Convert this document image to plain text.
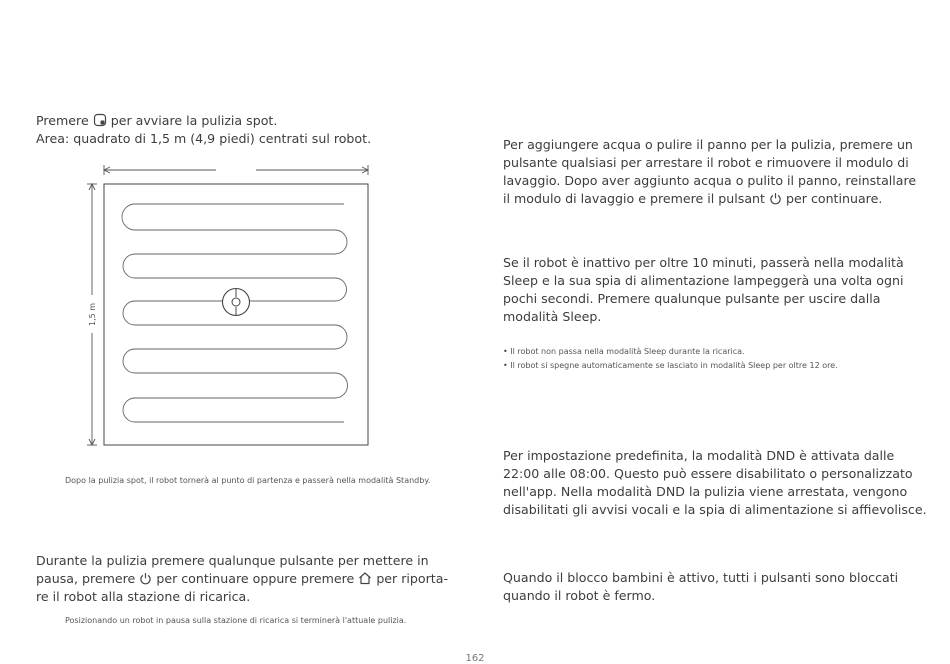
Premere per avviare la pulizia spot.
Area: quadrato di 1,5 m (4,9 piedi) centrati sul robot.
1,5 m
Dopo la pulizia spot, il robot tornerà al punto di partenza e passerà nella modalità Standby.
Durante la pulizia premere qualunque pulsante per mettere in
pausa, premere per continuare oppure premere per riporta-
re il robot alla stazione di ricarica.
Posizionando un robot in pausa sulla stazione di ricarica si terminerà l'attuale pulizia.
Per aggiungere acqua o pulire il panno per la pulizia, premere un
pulsante qualsiasi per arrestare il robot e rimuovere il modulo di
lavaggio. Dopo aver aggiunto acqua o pulito il panno, reinstallare
il modulo di lavaggio e premere il pulsant per continuare.
Se il robot è inattivo per oltre 10 minuti, passerà nella modalità
Sleep e la sua spia di alimentazione lampeggerà una volta ogni
pochi secondi. Premere qualunque pulsante per uscire dalla
modalità Sleep.
• Il robot non passa nella modalità Sleep durante la ricarica.
• Il robot si spegne automaticamente se lasciato in modalità Sleep per oltre 12 ore.
Per impostazione predefinita, la modalità DND è attivata dalle
22:00 alle 08:00. Questo può essere disabilitato o personalizzato
nell'app. Nella modalità DND la pulizia viene arrestata, vengono
disabilitati gli avvisi vocali e la spia di alimentazione si affievolisce.
Quando il blocco bambini è attivo, tutti i pulsanti sono bloccati
quando il robot è fermo.
162
